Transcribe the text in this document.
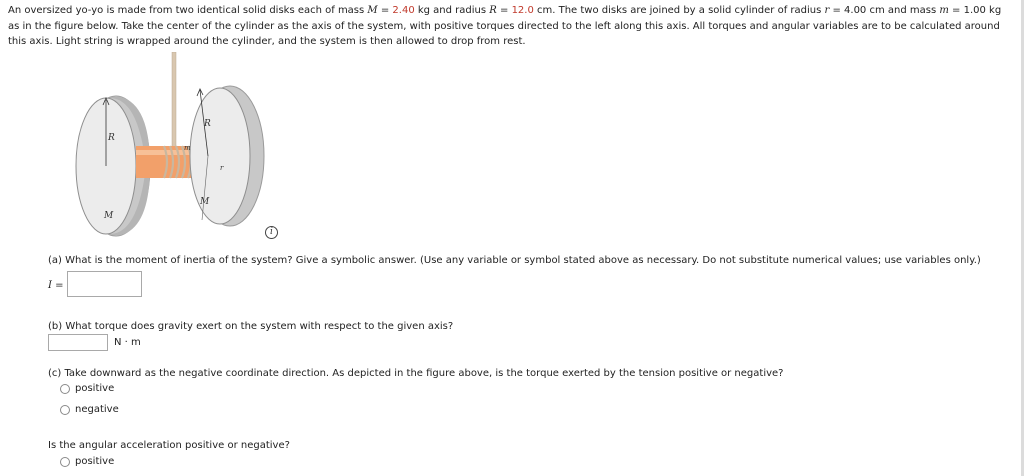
An oversized yo-yo is made from two identical solid disks each of mass M = 2.40 kg and radius R = 12.0 cm. The two disks are joined by a solid cylinder of radius r = 4.00 cm and mass m = 1.00 kg as in the figure below. Take the center of the cylinder as the axis of the system, with positive torques directed to the left along this axis. All torques and angular variables are to be calculated around this axis. Light string is wrapped around the cylinder, and the system is then allowed to drop from rest.
R
M
R
M
m
r
i
(a) What is the moment of inertia of the system? Give a symbolic answer. (Use any variable or symbol stated above as necessary. Do not substitute numerical values; use variables only.)
I =
(b) What torque does gravity exert on the system with respect to the given axis?
N · m
(c) Take downward as the negative coordinate direction. As depicted in the figure above, is the torque exerted by the tension positive or negative?
positive
negative
Is the angular acceleration positive or negative?
positive
